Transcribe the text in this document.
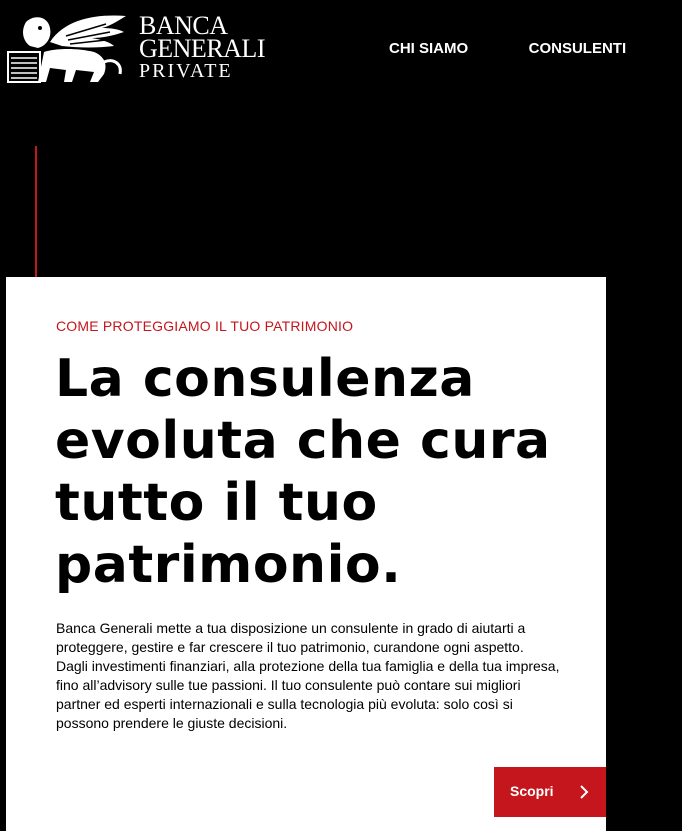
BANCA
GENERALI
PRIVATE
CHI SIAMO	CONSULENTI
COME PROTEGGIAMO IL TUO PATRIMONIO
La consulenza evoluta che cura tutto il tuo patrimonio.

Banca Generali mette a tua disposizione un consulente in grado di aiutarti a proteggere, gestire e far crescere il tuo patrimonio, curandone ogni aspetto.

Dagli investimenti finanziari, alla protezione della tua famiglia e della tua impresa, fino all’advisory sulle tue passioni. Il tuo consulente può contare sui migliori partner ed esperti internazionali e sulla tecnologia più evoluta: solo così si possono prendere le giuste decisioni.

Scopri
